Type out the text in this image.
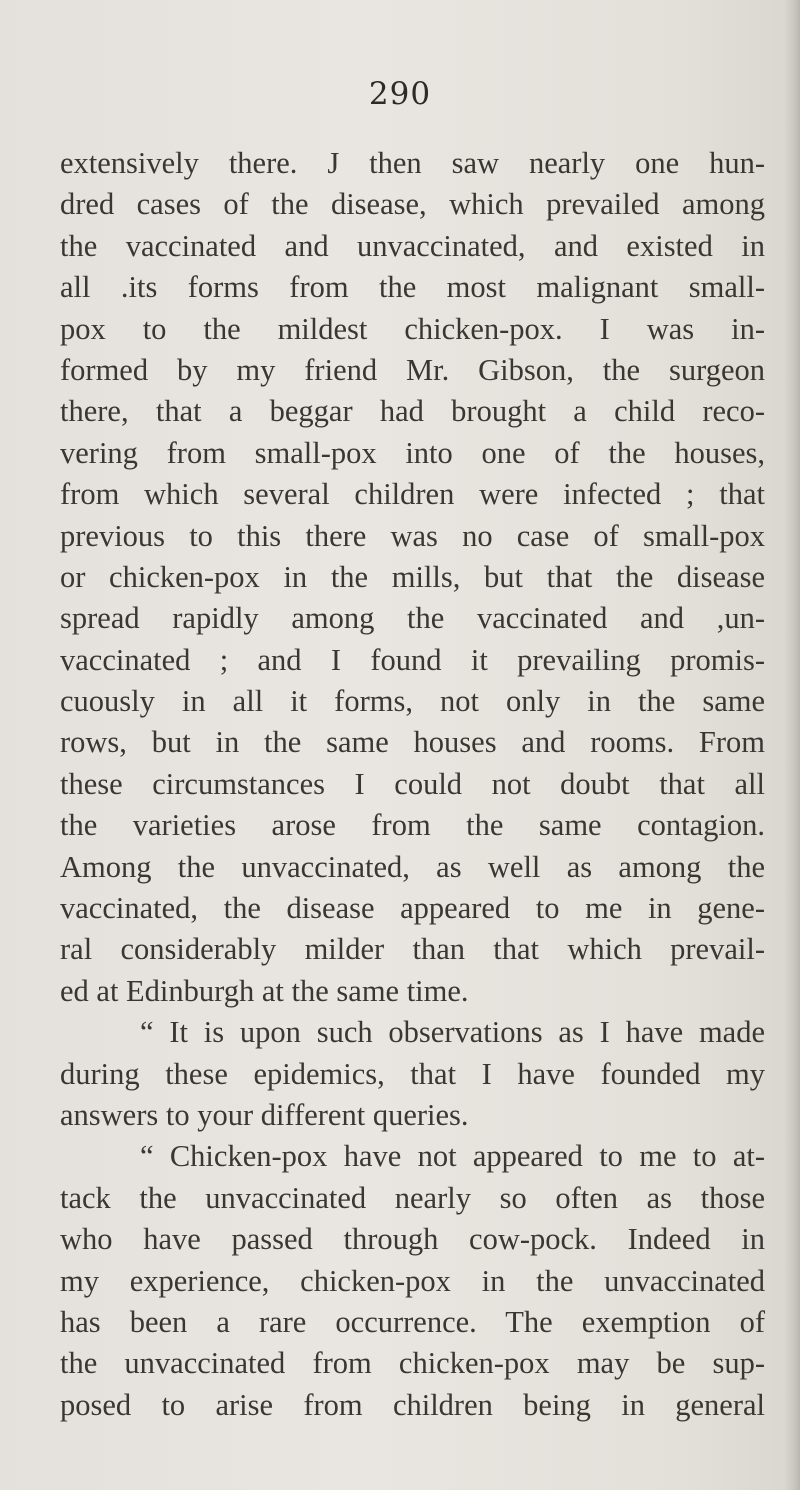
290

extensively there. J then saw nearly one hun-
dred cases of the disease, which prevailed among
the vaccinated and unvaccinated, and existed in
all .its forms from the most malignant small-
pox to the mildest chicken-pox. I was in-
formed by my friend Mr. Gibson, the surgeon
there, that a beggar had brought a child reco-
vering from small-pox into one of the houses,
from which several children were infected ; that
previous to this there was no case of small-pox
or chicken-pox in the mills, but that the disease
spread rapidly among the vaccinated and ,un-
vaccinated ; and I found it prevailing promis-
cuously in all it forms, not only in the same
rows, but in the same houses and rooms. From
these circumstances I could not doubt that all
the varieties arose from the same contagion.
Among the unvaccinated, as well as among the
vaccinated, the disease appeared to me in gene-
ral considerably milder than that which prevail-
ed at Edinburgh at the same time.
“ It is upon such observations as I have made
during these epidemics, that I have founded my
answers to your different queries.
“ Chicken-pox have not appeared to me to at-
tack the unvaccinated nearly so often as those
who have passed through cow-pock. Indeed in
my experience, chicken-pox in the unvaccinated
has been a rare occurrence. The exemption of
the unvaccinated from chicken-pox may be sup-
posed to arise from children being in general
